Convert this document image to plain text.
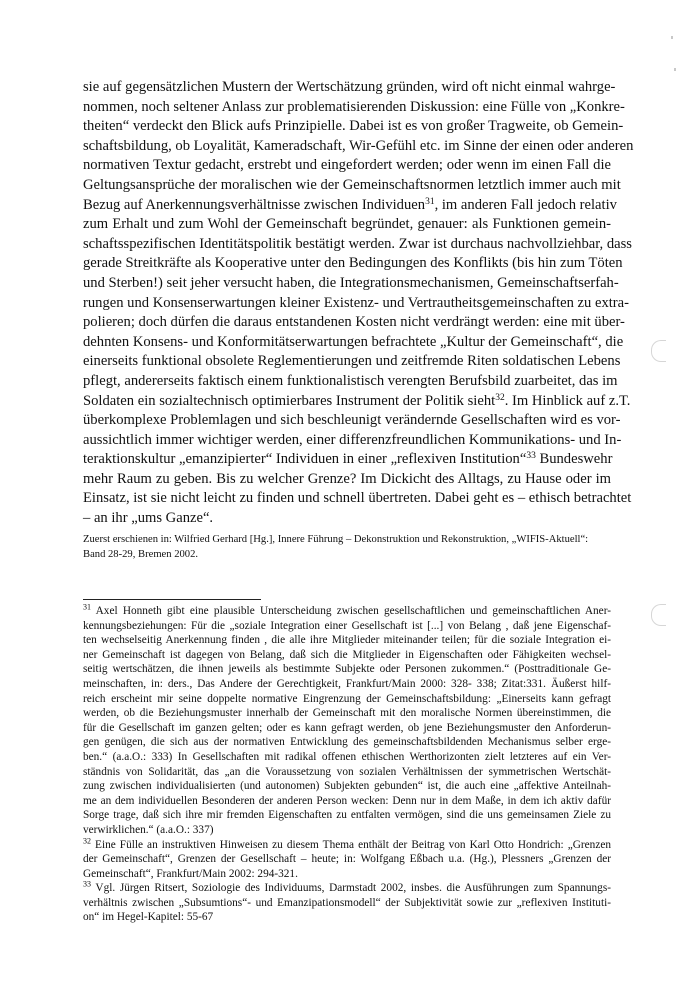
sie auf gegensätzlichen Mustern der Wertschätzung gründen, wird oft nicht einmal wahrge-
nommen, noch seltener Anlass zur problematisierenden Diskussion: eine Fülle von „Konkre-
theiten“ verdeckt den Blick aufs Prinzipielle. Dabei ist es von großer Tragweite, ob Gemein-
schaftsbildung, ob Loyalität, Kameradschaft, Wir-Gefühl etc. im Sinne der einen oder anderen
normativen Textur gedacht, erstrebt und eingefordert werden; oder wenn im einen Fall die
Geltungsansprüche der moralischen wie der Gemeinschaftsnormen letztlich immer auch mit
Bezug auf Anerkennungsverhältnisse zwischen Individuen$^{31}$, im anderen Fall jedoch relativ
zum Erhalt und zum Wohl der Gemeinschaft begründet, genauer: als Funktionen gemein-
schaftsspezifischen Identitätspolitik bestätigt werden. Zwar ist durchaus nachvollziehbar, dass
gerade Streitkräfte als Kooperative unter den Bedingungen des Konflikts (bis hin zum Töten
und Sterben!) seit jeher versucht haben, die Integrationsmechanismen, Gemeinschaftserfah-
rungen und Konsenserwartungen kleiner Existenz- und Vertrautheitsgemeinschaften zu extra-
polieren; doch dürfen die daraus entstandenen Kosten nicht verdrängt werden: eine mit über-
dehnten Konsens- und Konformitätserwartungen befrachtete „Kultur der Gemeinschaft“, die
einerseits funktional obsolete Reglementierungen und zeitfremde Riten soldatischen Lebens
pflegt, andererseits faktisch einem funktionalistisch verengten Berufsbild zuarbeitet, das im
Soldaten ein sozialtechnisch optimierbares Instrument der Politik sieht$^{32}$. Im Hinblick auf z.T.
überkomplexe Problemlagen und sich beschleunigt verändernde Gesellschaften wird es vor-
aussichtlich immer wichtiger werden, einer differenzfreundlichen Kommunikations- und In-
teraktionskultur „emanzipierter“ Individuen in einer „reflexiven Institution“$^{33}$ Bundeswehr
mehr Raum zu geben. Bis zu welcher Grenze? Im Dickicht des Alltags, zu Hause oder im
Einsatz, ist sie nicht leicht zu finden und schnell übertreten. Dabei geht es – ethisch betrachtet
– an ihr „ums Ganze“.
Zuerst erschienen in: Wilfried Gerhard [Hg.], Innere Führung – Dekonstruktion und Rekonstruktion, „WIFIS-Aktuell“: Band 28-29, Bremen 2002.
$^{31}$ Axel Honneth gibt eine plausible Unterscheidung zwischen gesellschaftlichen und gemeinschaftlichen Aner-
kennungsbeziehungen: Für die „soziale Integration einer Gesellschaft ist [...] von Belang , daß jene Eigenschaf-
ten wechselseitig Anerkennung finden , die alle ihre Mitglieder miteinander teilen; für die soziale Integration ei-
ner Gemeinschaft ist dagegen von Belang, daß sich die Mitglieder in Eigenschaften oder Fähigkeiten wechsel-
seitig wertschätzen, die ihnen jeweils als bestimmte Subjekte oder Personen zukommen.“ (Posttraditionale Ge-
meinschaften, in: ders., Das Andere der Gerechtigkeit, Frankfurt/Main 2000: 328- 338; Zitat:331. Äußerst hilf-
reich erscheint mir seine doppelte normative Eingrenzung der Gemeinschaftsbildung: „Einerseits kann gefragt
werden, ob die Beziehungsmuster innerhalb der Gemeinschaft mit den moralische Normen übereinstimmen, die
für die Gesellschaft im ganzen gelten; oder es kann gefragt werden, ob jene Beziehungsmuster den Anforderun-
gen genügen, die sich aus der normativen Entwicklung des gemeinschaftsbildenden Mechanismus selber erge-
ben.“ (a.a.O.: 333) In Gesellschaften mit radikal offenen ethischen Werthorizonten zielt letzteres auf ein Ver-
ständnis von Solidarität, das „an die Voraussetzung von sozialen Verhältnissen der symmetrischen Wertschät-
zung zwischen individualisierten (und autonomen) Subjekten gebunden“ ist, die auch eine „affektive Anteilnah-
me an dem individuellen Besonderen der anderen Person wecken: Denn nur in dem Maße, in dem ich aktiv dafür
Sorge trage, daß sich ihre mir fremden Eigenschaften zu entfalten vermögen, sind die uns gemeinsamen Ziele zu
verwirklichen.“ (a.a.O.: 337)
$^{32}$ Eine Fülle an instruktiven Hinweisen zu diesem Thema enthält der Beitrag von Karl Otto Hondrich: „Grenzen
der Gemeinschaft“, Grenzen der Gesellschaft – heute; in: Wolfgang Eßbach u.a. (Hg.), Plessners „Grenzen der
Gemeinschaft“, Frankfurt/Main 2002: 294-321.
$^{33}$ Vgl. Jürgen Ritsert, Soziologie des Individuums, Darmstadt 2002, insbes. die Ausführungen zum Spannungs-
verhältnis zwischen „Subsumtions“- und Emanzipationsmodell“ der Subjektivität sowie zur „reflexiven Instituti-
on“ im Hegel-Kapitel: 55-67
